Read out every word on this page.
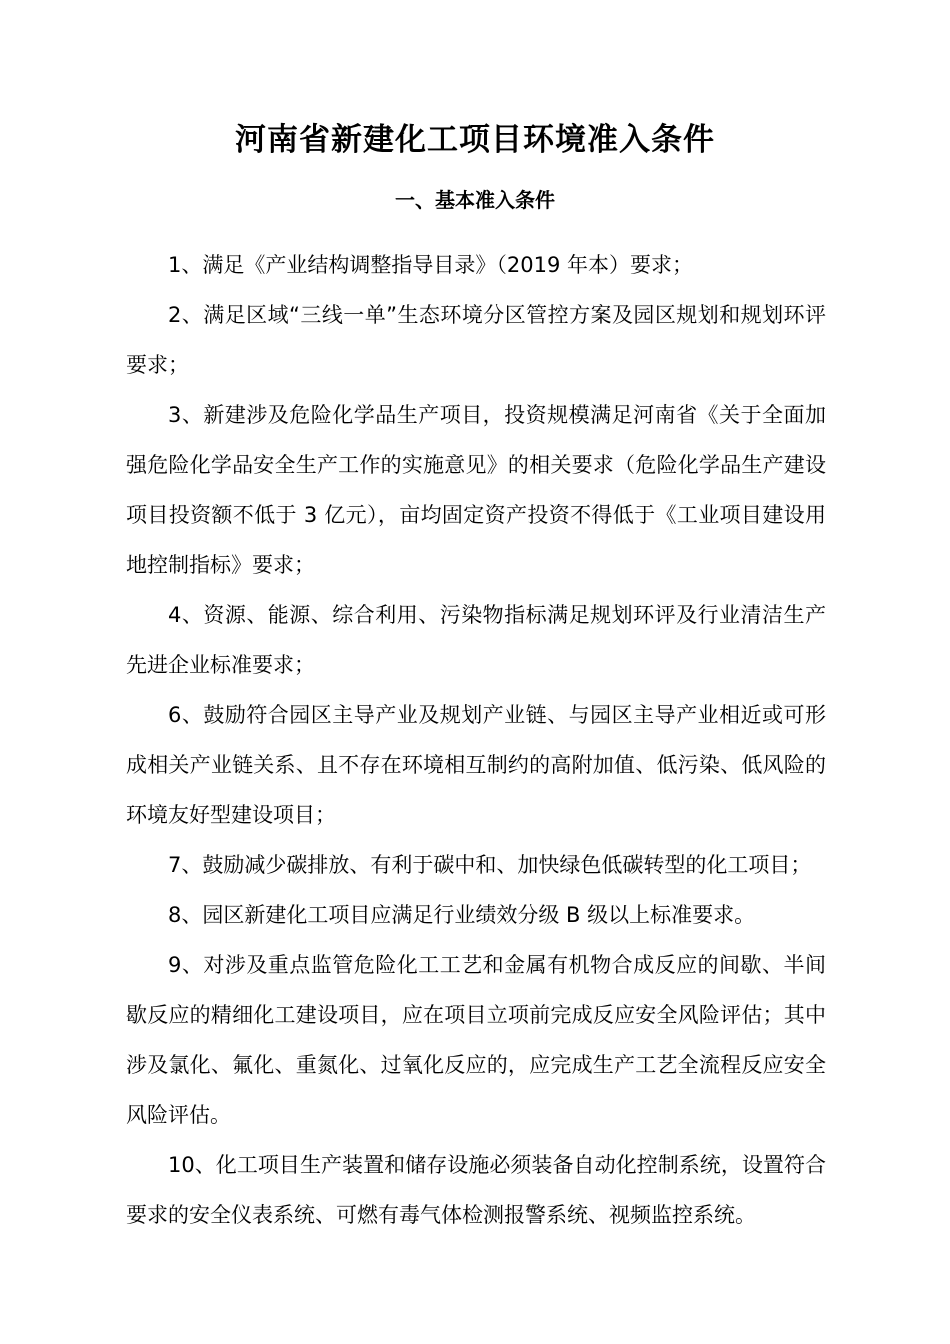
河南省新建化工项目环境准入条件
一、基本准入条件

1、满足《产业结构调整指导目录》（2019 年本）要求；

2、满足区域“三线一单”生态环境分区管控方案及园区规划和规划环评要求；

3、新建涉及危险化学品生产项目，投资规模满足河南省《关于全面加强危险化学品安全生产工作的实施意见》的相关要求（危险化学品生产建设项目投资额不低于 3 亿元），亩均固定资产投资不得低于《工业项目建设用地控制指标》要求；

4、资源、能源、综合利用、污染物指标满足规划环评及行业清洁生产先进企业标准要求；

6、鼓励符合园区主导产业及规划产业链、与园区主导产业相近或可形成相关产业链关系、且不存在环境相互制约的高附加值、低污染、低风险的环境友好型建设项目；

7、鼓励减少碳排放、有利于碳中和、加快绿色低碳转型的化工项目；

8、园区新建化工项目应满足行业绩效分级 B 级以上标准要求。

9、对涉及重点监管危险化工工艺和金属有机物合成反应的间歇、半间歇反应的精细化工建设项目，应在项目立项前完成反应安全风险评估；其中涉及氯化、氟化、重氮化、过氧化反应的，应完成生产工艺全流程反应安全风险评估。

10、化工项目生产装置和储存设施必须装备自动化控制系统，设置符合要求的安全仪表系统、可燃有毒气体检测报警系统、视频监控系统。
